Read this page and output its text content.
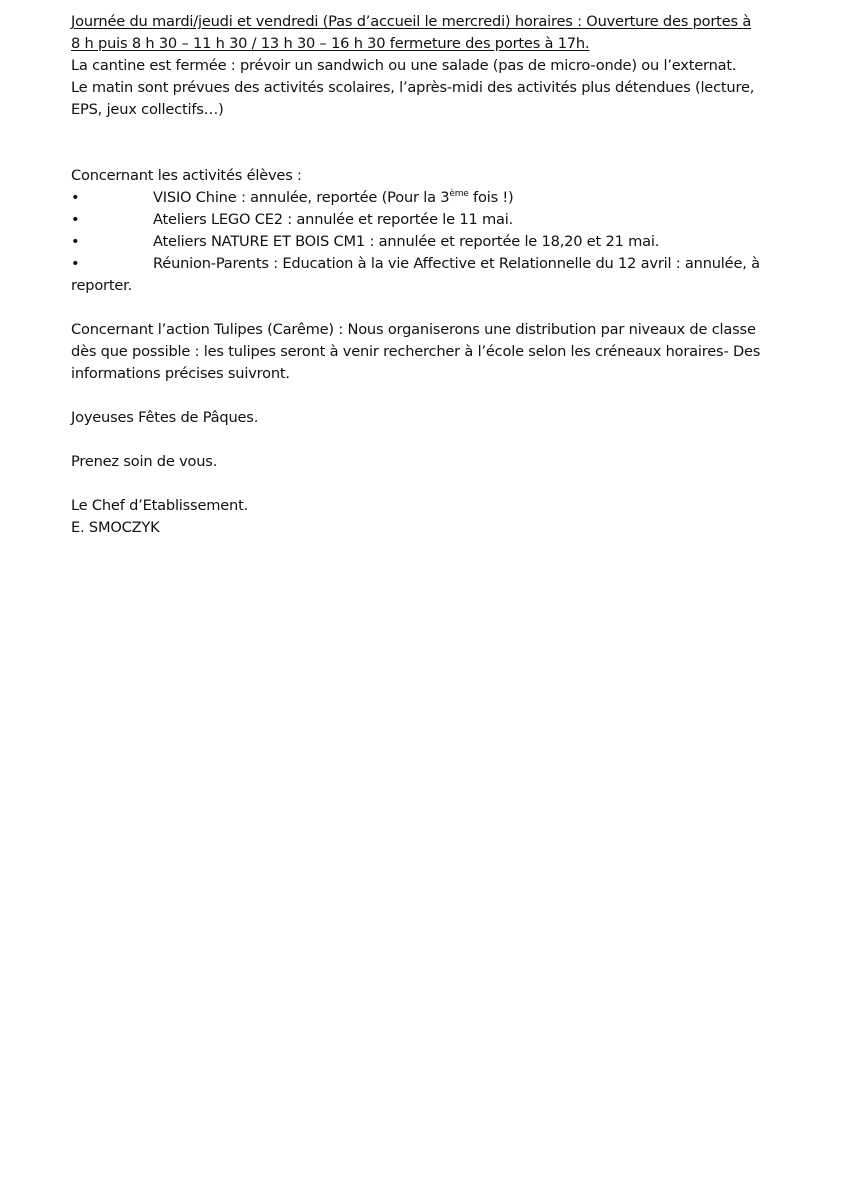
Journée du mardi/jeudi et vendredi (Pas d’accueil le mercredi) horaires : Ouverture des portes à

8 h puis 8 h 30 – 11 h 30 / 13 h 30 – 16 h 30 fermeture des portes à 17h.

La cantine est fermée : prévoir un sandwich ou une salade (pas de micro-onde) ou l’externat.

Le matin sont prévues des activités scolaires, l’après-midi des activités plus détendues (lecture,

EPS, jeux collectifs…)

Concernant les activités élèves :

•	VISIO Chine : annulée, reportée (Pour la 3ème fois !)
•	Ateliers LEGO CE2 : annulée et reportée le 11 mai.
•	Ateliers NATURE ET BOIS CM1 : annulée et reportée le 18,20 et 21 mai.
•	Réunion-Parents : Education à la vie Affective et Relationnelle du 12 avril : annulée, à
reporter.

Concernant l’action Tulipes (Carême) : Nous organiserons une distribution par niveaux de classe

dès que possible : les tulipes seront à venir rechercher à l’école selon les créneaux horaires- Des

informations précises suivront.

Joyeuses Fêtes de Pâques.

Prenez soin de vous.

Le Chef d’Etablissement.

E. SMOCZYK
